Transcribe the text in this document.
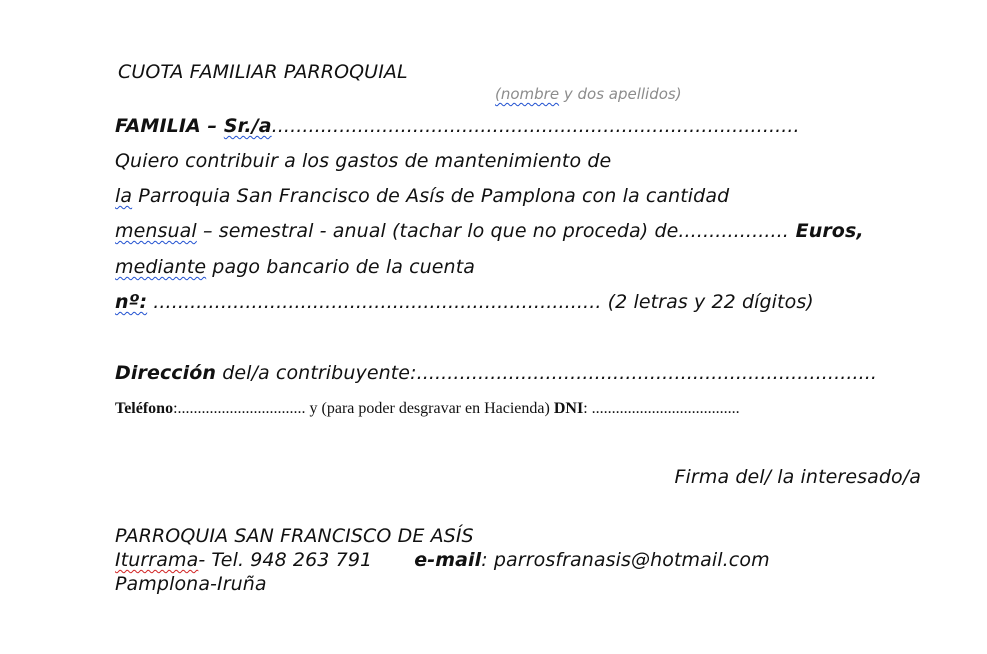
CUOTA FAMILIAR PARROQUIAL
(nombre y dos apellidos)
FAMILIA – Sr./a......................................................................................
Quiero contribuir a los gastos de mantenimiento de
la Parroquia San Francisco de Asís de Pamplona con la cantidad
mensual – semestral - anual (tachar lo que no proceda) de.................. Euros,
mediante pago bancario de la cuenta
nº: ......................................................................... (2 letras y 22 dígitos)
Dirección del/a contribuyente:...........................................................................
Teléfono:................................ y (para poder desgravar en Hacienda) DNI: .....................................
Firma del/ la interesado/a
PARROQUIA SAN FRANCISCO DE ASÍS
Iturrama- Tel. 948 263 791 e-mail: parrosfranasis@hotmail.com
Pamplona-Iruña
